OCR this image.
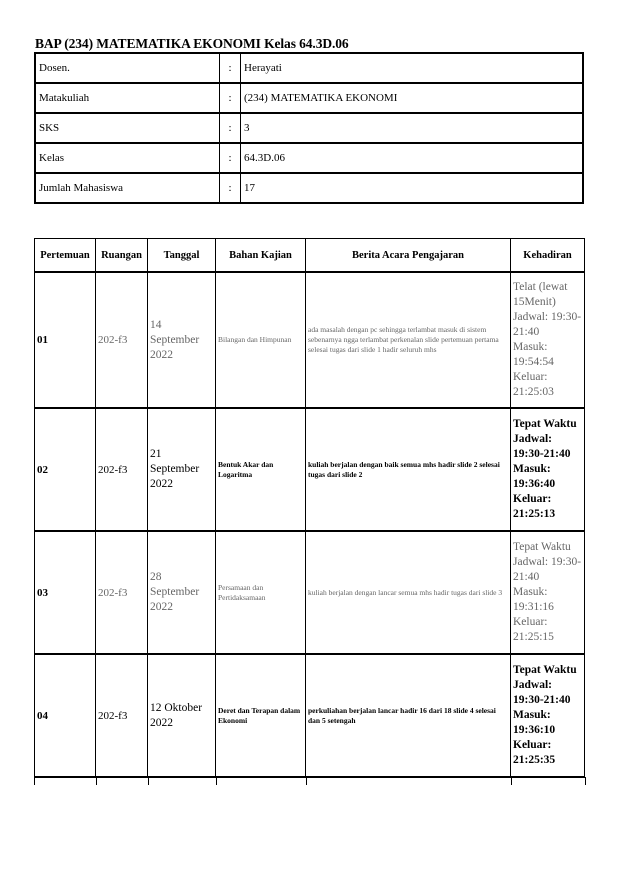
BAP (234) MATEMATIKA EKONOMI Kelas 64.3D.06
Dosen.	:	Herayati
Matakuliah	:	(234) MATEMATIKA EKONOMI
SKS	:	3
Kelas	:	64.3D.06
Jumlah Mahasiswa	:	17
Pertemuan	Ruangan	Tanggal	Bahan Kajian	Berita Acara Pengajaran	Kehadiran
01	202-f3	14 September 2022	Bilangan dan Himpunan	ada masalah dengan pc sehingga terlambat masuk di sistem sebenarnya ngga terlambat perkenalan slide pertemuan pertama selesai tugas dari slide 1 hadir seluruh mhs	Telat (lewat 15Menit)
Jadwal: 19:30-21:40
Masuk: 19:54:54
Keluar: 21:25:03

02	202-f3	21 September 2022	Bentuk Akar dan Logaritma	kuliah berjalan dengan baik semua mhs hadir slide 2 selesai tugas dari slide 2	Tepat Waktu
Jadwal: 19:30-21:40
Masuk: 19:36:40
Keluar: 21:25:13

03	202-f3	28 September 2022	Persamaan dan Pertidaksamaan	kuliah berjalan dengan lancar semua mhs hadir tugas dari slide 3	Tepat Waktu
Jadwal: 19:30-21:40
Masuk: 19:31:16
Keluar: 21:25:15

04	202-f3	12 Oktober 2022	Deret dan Terapan dalam Ekonomi	perkuliahan berjalan lancar hadir 16 dari 18 slide 4 selesai dan 5 setengah	Tepat Waktu
Jadwal: 19:30-21:40
Masuk: 19:36:10
Keluar: 21:25:35
